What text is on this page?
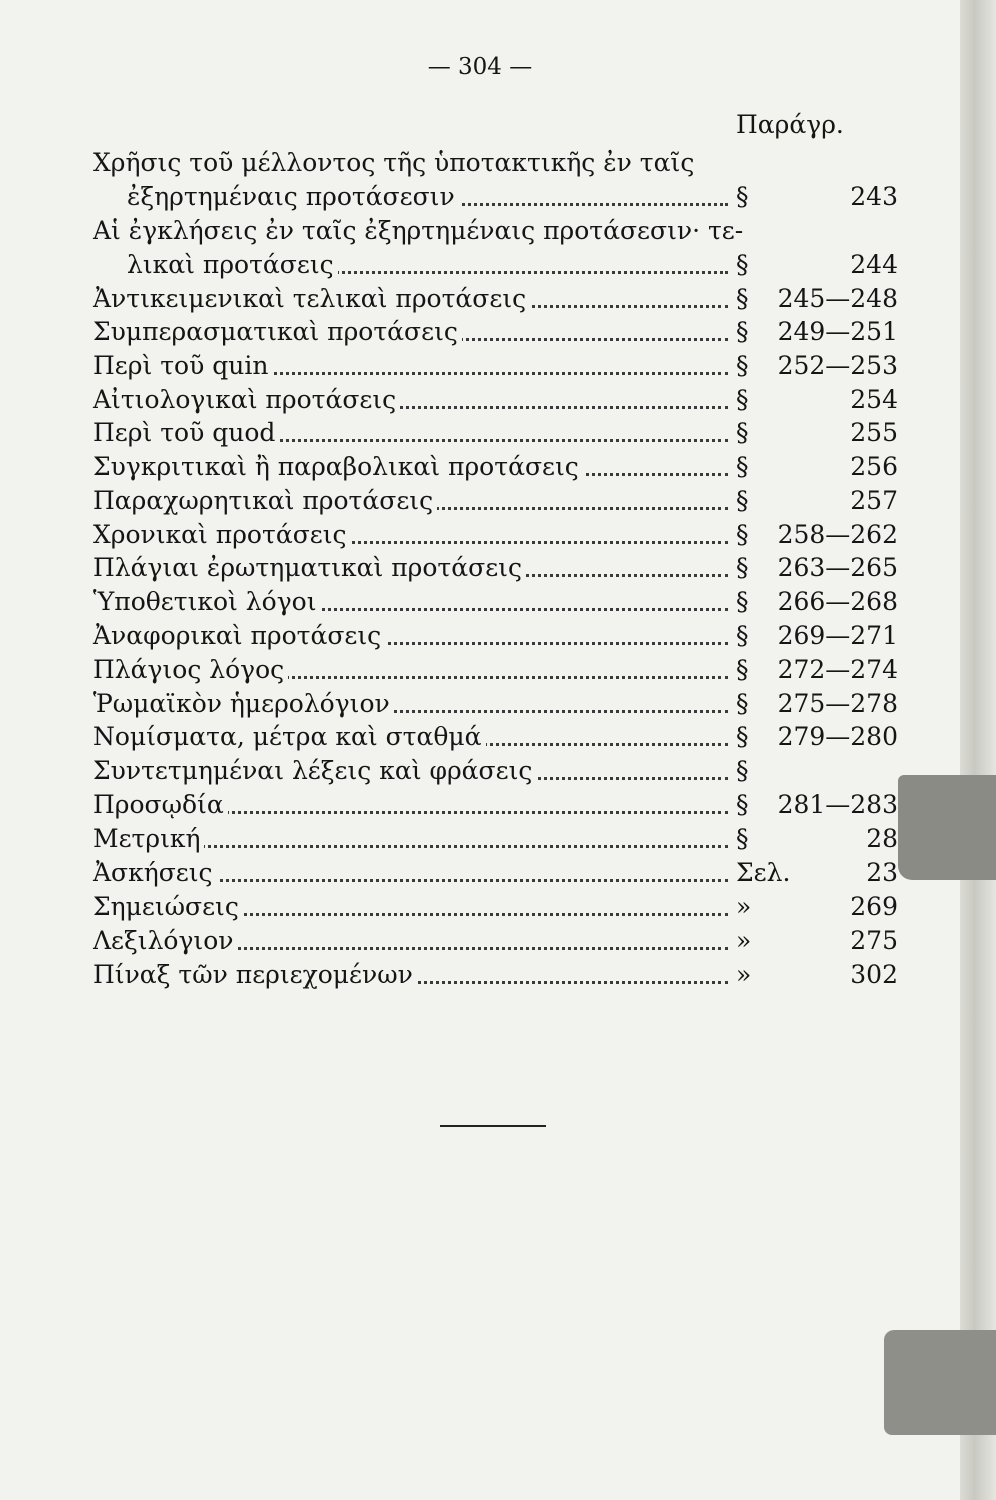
— 304 —
Παράγρ.
Χρῆσις τοῦ μέλλοντος τῆς ὑποτακτικῆς ἐν ταῖς
ἐξηρτημέναις προτάσεσιν	§	243
Αἱ ἐγκλήσεις ἐν ταῖς ἐξηρτημέναις προτάσεσιν· τε-
λικαὶ προτάσεις	§	244
Ἀντικειμενικαὶ τελικαὶ προτάσεις	§ 245—248
Συμπερασματικαὶ προτάσεις	§ 249—251
Περὶ τοῦ quin	§ 252—253
Αἰτιολογικαὶ προτάσεις	§	254
Περὶ τοῦ quod	§	255
Συγκριτικαὶ ἢ παραβολικαὶ προτάσεις	§	256
Παραχωρητικαὶ προτάσεις	§	257
Χρονικαὶ προτάσεις	§ 258—262
Πλάγιαι ἐρωτηματικαὶ προτάσεις	§ 263—265
Ὑποθετικοὶ λόγοι	§ 266—268
Ἀναφορικαὶ προτάσεις	§ 269—271
Πλάγιος λόγος	§ 272—274
Ῥωμαϊκὸν ἡμερολόγιον	§ 275—278
Νομίσματα, μέτρα καὶ σταθμά	§ 279—280
Συντετμημέναι λέξεις καὶ φράσεις	§
Προσῳδία	§ 281—283
Μετρική	§	28
Ἀσκήσεις	Σελ.	23
Σημειώσεις	»	269
Λεξιλόγιον	»	275
Πίναξ τῶν περιεχομένων	»	302
